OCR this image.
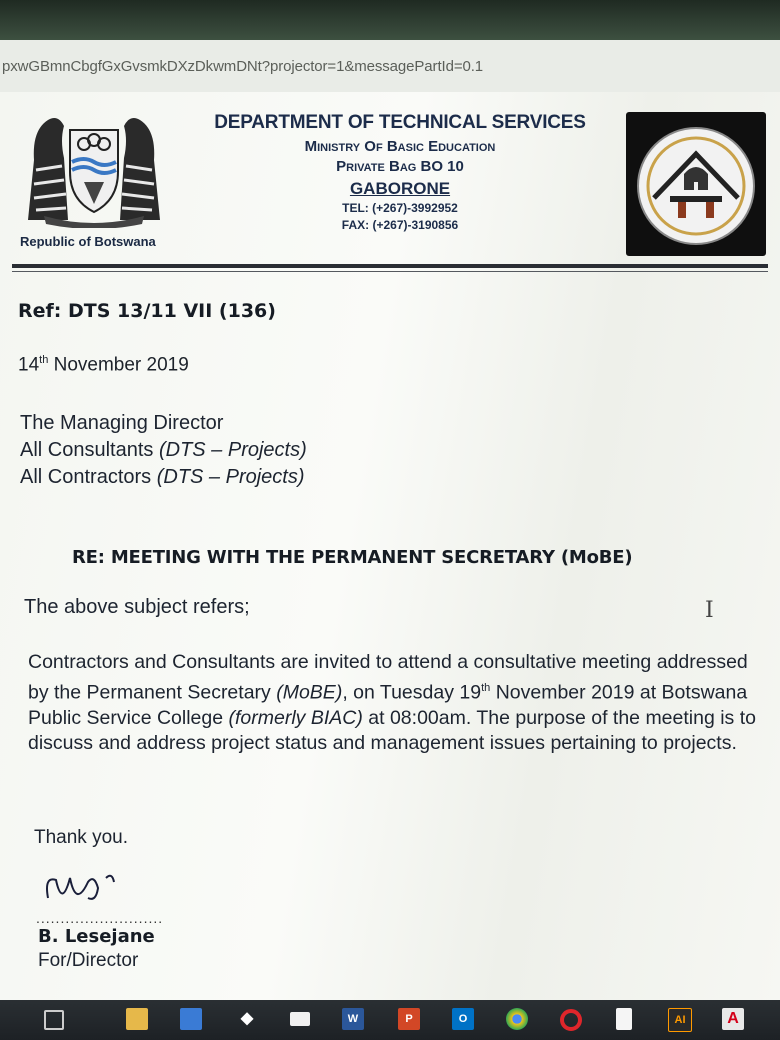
pxwGBmnCbgfGxGvsmkDXzDkwmDNt?projector=1&messagePartId=0.1
Republic of Botswana
DEPARTMENT OF TECHNICAL SERVICES
Ministry Of Basic Education
Private Bag BO 10
GABORONE
TEL: (+267)-3992952
FAX: (+267)-3190856
Ref: DTS 13/11 VII (136)
14th November 2019
The Managing Director
All Consultants (DTS – Projects)
All Contractors (DTS – Projects)
RE: MEETING WITH THE PERMANENT SECRETARY (MoBE)
The above subject refers;	I
Contractors and Consultants are invited to attend a consultative meeting addressed by the Permanent Secretary (MoBE), on Tuesday 19th November 2019 at Botswana Public Service College (formerly BIAC) at 08:00am. The purpose of the meeting is to discuss and address project status and management issues pertaining to projects.
Thank you.
..........................
B. Lesejane
For/Director
◆	W	P	O	AI	A
